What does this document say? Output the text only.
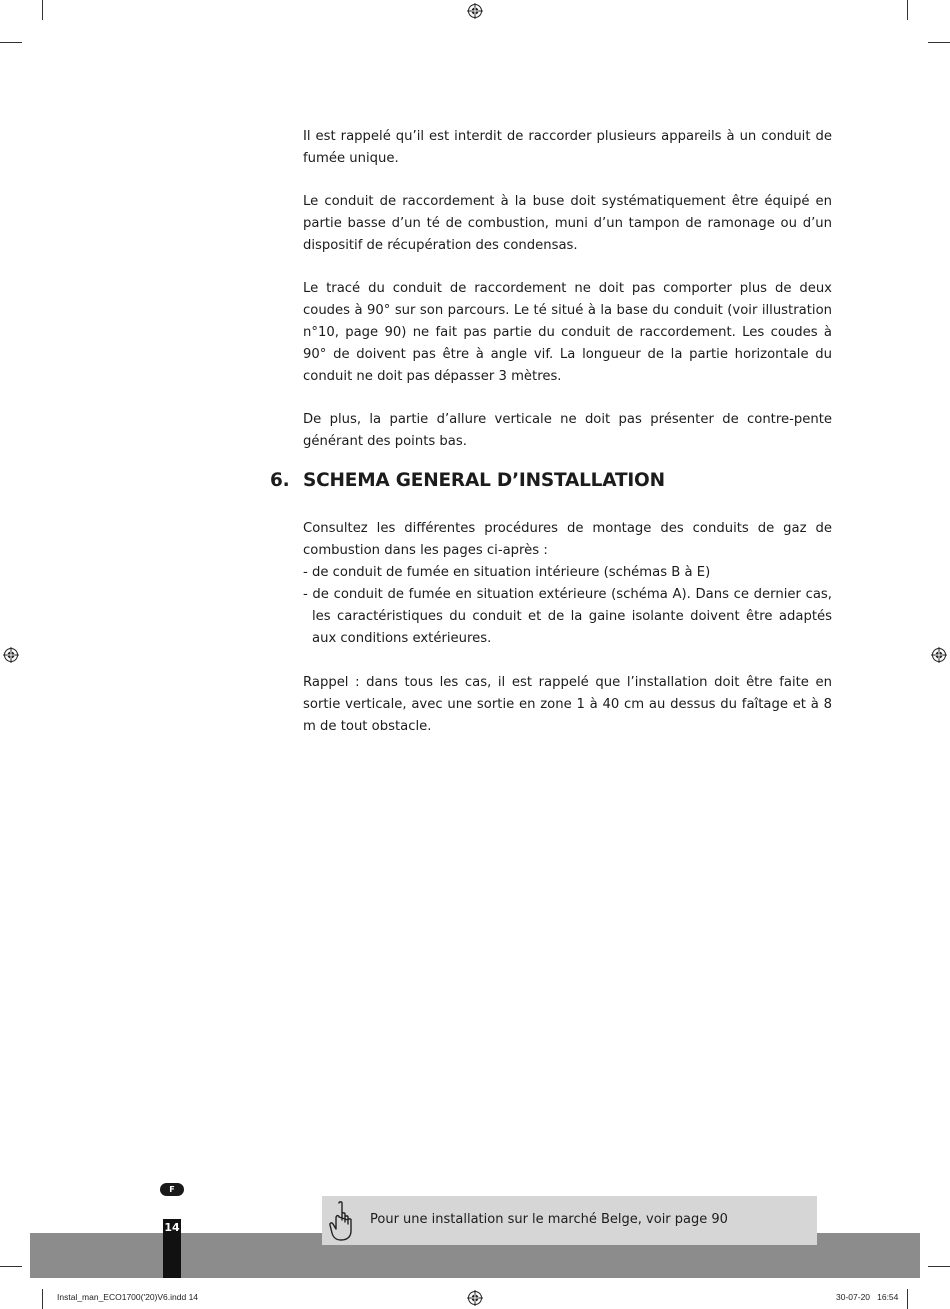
Il est rappelé qu’il est interdit de raccorder plusieurs appareils à un conduit de fumée unique.

Le conduit de raccordement à la buse doit systématiquement être équipé en partie basse d’un té de combustion, muni d’un tampon de ramonage ou d’un dispositif de récupération des condensas.

Le tracé du conduit de raccordement ne doit pas comporter plus de deux coudes à 90° sur son parcours. Le té situé à la base du conduit (voir illustration n°10, page 90) ne fait pas partie du conduit de raccordement. Les coudes à 90° de doivent pas être à angle vif. La longueur de la partie horizontale du conduit ne doit pas dépasser 3 mètres.

De plus, la partie d’allure verticale ne doit pas présenter de contre-pente générant des points bas.

6. SCHEMA GENERAL D’INSTALLATION

Consultez les différentes procédures de montage des conduits de gaz de combustion dans les pages ci-après :

- de conduit de fumée en situation intérieure (schémas B à E)

- de conduit de fumée en situation extérieure (schéma A). Dans ce dernier cas, les caractéristiques du conduit et de la gaine isolante doivent être adaptés aux conditions extérieures.

Rappel : dans tous les cas, il est rappelé que l’installation doit être faite en sortie verticale, avec une sortie en zone 1 à 40 cm au dessus du faîtage et à 8 m de tout obstacle.

F
14
Pour une installation sur le marché Belge, voir page 90
Instal_man_ECO1700('20)V6.indd 14	30-07-20   16:54
